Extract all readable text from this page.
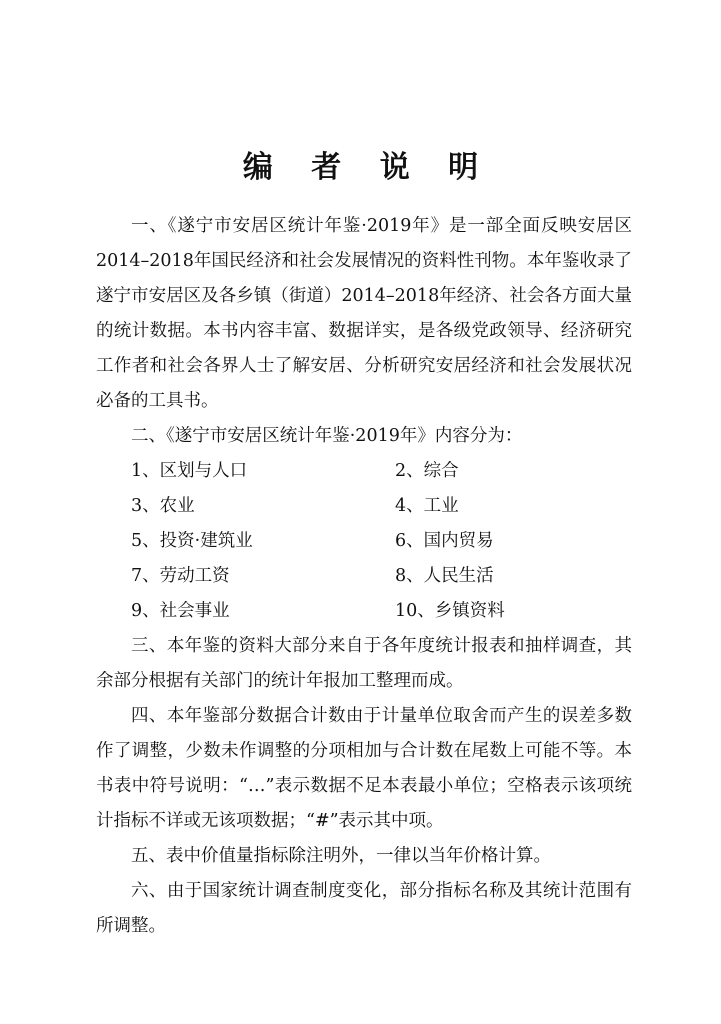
编 者 说 明

一、《遂宁市安居区统计年鉴·2019年》是一部全面反映安居区2014–2018年国民经济和社会发展情况的资料性刊物。本年鉴收录了遂宁市安居区及各乡镇（街道）2014–2018年经济、社会各方面大量的统计数据。本书内容丰富、数据详实，是各级党政领导、经济研究工作者和社会各界人士了解安居、分析研究安居经济和社会发展状况必备的工具书。

二、《遂宁市安居区统计年鉴·2019年》内容分为：

1、区划与人口	2、综合
3、农业	4、工业
5、投资·建筑业	6、国内贸易
7、劳动工资	8、人民生活
9、社会事业	10、乡镇资料

三、本年鉴的资料大部分来自于各年度统计报表和抽样调查，其余部分根据有关部门的统计年报加工整理而成。

四、本年鉴部分数据合计数由于计量单位取舍而产生的误差多数作了调整，少数未作调整的分项相加与合计数在尾数上可能不等。本书表中符号说明：“…”表示数据不足本表最小单位；空格表示该项统计指标不详或无该项数据；“#”表示其中项。

五、表中价值量指标除注明外，一律以当年价格计算。

六、由于国家统计调查制度变化，部分指标名称及其统计范围有所调整。
